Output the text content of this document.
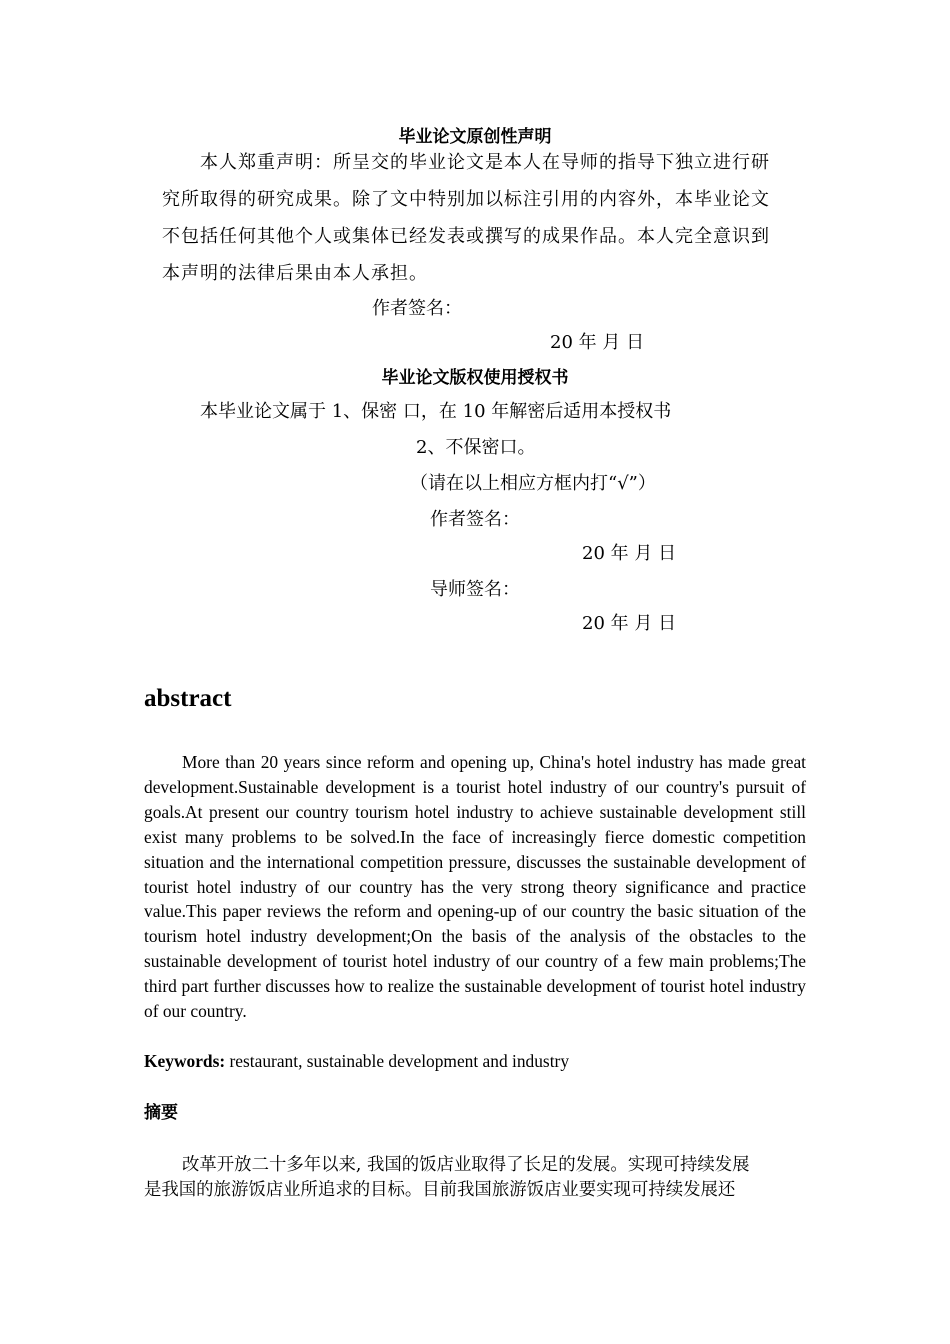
毕业论文原创性声明
本人郑重声明：所呈交的毕业论文是本人在导师的指导下独立进行研
究所取得的研究成果。除了文中特别加以标注引用的内容外，本毕业论文
不包括任何其他个人或集体已经发表或撰写的成果作品。本人完全意识到
本声明的法律后果由本人承担。
作者签名：
20 年 月 日
毕业论文版权使用授权书
本毕业论文属于 1、保密 口，在 10 年解密后适用本授权书
2、不保密口。
（请在以上相应方框内打“√”）
作者签名：
20 年 月 日
导师签名：
20 年 月 日
abstract
More than 20 years since reform and opening up, China's hotel industry has made great development.Sustainable development is a tourist hotel industry of our country's pursuit of goals.At present our country tourism hotel industry to achieve sustainable development still exist many problems to be solved.In the face of increasingly fierce domestic competition situation and the international competition pressure, discusses the sustainable development of tourist hotel industry of our country has the very strong theory significance and practice value.This paper reviews the reform and opening-up of our country the basic situation of the tourism hotel industry development;On the basis of the analysis of the obstacles to the sustainable development of tourist hotel industry of our country of a few main problems;The third part further discusses how to realize the sustainable development of tourist hotel industry of our country.
Keywords: restaurant, sustainable development and industry
摘要
改革开放二十多年以来, 我国的饭店业取得了长足的发展。实现可持续发展
是我国的旅游饭店业所追求的目标。目前我国旅游饭店业要实现可持续发展还
